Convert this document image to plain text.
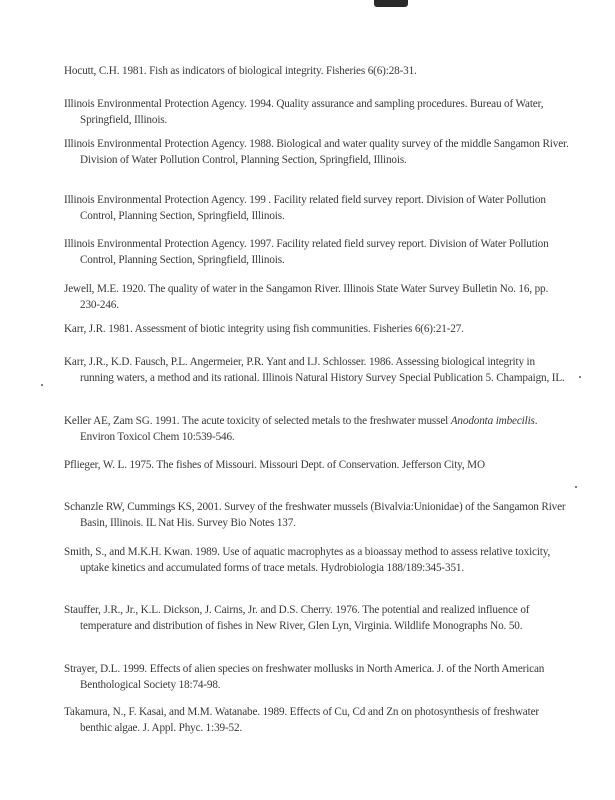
Hocutt, C.H. 1981. Fish as indicators of biological integrity. Fisheries 6(6):28-31.

Illinois Environmental Protection Agency. 1994. Quality assurance and sampling procedures. Bureau of Water, Springfield, Illinois.

Illinois Environmental Protection Agency. 1988. Biological and water quality survey of the middle Sangamon River. Division of Water Pollution Control, Planning Section, Springfield, Illinois.

Illinois Environmental Protection Agency. 199 . Facility related field survey report. Division of Water Pollution Control, Planning Section, Springfield, Illinois.

Illinois Environmental Protection Agency. 1997. Facility related field survey report. Division of Water Pollution Control, Planning Section, Springfield, Illinois.

Jewell, M.E. 1920. The quality of water in the Sangamon River. Illinois State Water Survey Bulletin No. 16, pp. 230-246.

Karr, J.R. 1981. Assessment of biotic integrity using fish communities. Fisheries 6(6):21-27.

Karr, J.R., K.D. Fausch, P.L. Angermeier, P.R. Yant and I.J. Schlosser. 1986. Assessing biological integrity in running waters, a method and its rational. Illinois Natural History Survey Special Publication 5. Champaign, IL.

Keller AE, Zam SG. 1991. The acute toxicity of selected metals to the freshwater mussel Anodonta imbecilis. Environ Toxicol Chem 10:539-546.

Pflieger, W. L. 1975. The fishes of Missouri. Missouri Dept. of Conservation. Jefferson City, MO

Schanzle RW, Cummings KS, 2001. Survey of the freshwater mussels (Bivalvia:Unionidae) of the Sangamon River Basin, Illinois. IL Nat His. Survey Bio Notes 137.

Smith, S., and M.K.H. Kwan. 1989. Use of aquatic macrophytes as a bioassay method to assess relative toxicity, uptake kinetics and accumulated forms of trace metals. Hydrobiologia 188/189:345-351.

Stauffer, J.R., Jr., K.L. Dickson, J. Cairns, Jr. and D.S. Cherry. 1976. The potential and realized influence of temperature and distribution of fishes in New River, Glen Lyn, Virginia. Wildlife Monographs No. 50.

Strayer, D.L. 1999. Effects of alien species on freshwater mollusks in North America. J. of the North American Benthological Society 18:74-98.

Takamura, N., F. Kasai, and M.M. Watanabe. 1989. Effects of Cu, Cd and Zn on photosynthesis of freshwater benthic algae. J. Appl. Phyc. 1:39-52.
